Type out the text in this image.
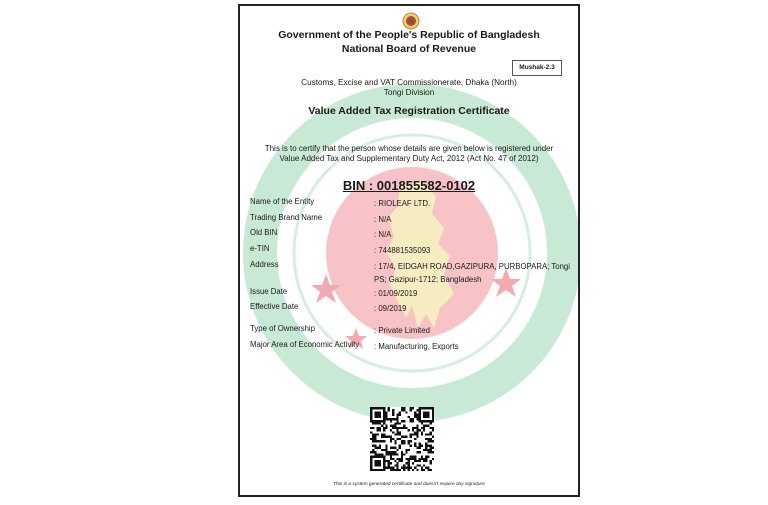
Government of the People's Republic of Bangladesh
National Board of Revenue
Mushak-2.3
Customs, Excise and VAT Commissionerate, Dhaka (North)
Tongi Division
Value Added Tax Registration Certificate
This is to certify that the person whose details are given below is registered under
Value Added Tax and Supplementary Duty Act, 2012 (Act No. 47 of 2012)
BIN : 001855582-0102
Name of the Entity	: RIOLEAF LTD.
Trading Brand Name	: N/A
Old BIN	: N/A
e-TIN	: 744881535093
Address	: 17/4, EIDGAH ROAD,GAZIPURA, PURBOPARA; Tongi PS; Gazipur-1712; Bangladesh
Issue Date	: 01/09/2019
Effective Date	: 09/2019
Type of Ownership	: Private Limited
Major Area of Economic Activity	: Manufacturing, Exports
This is a system generated certificate and doesn't require any signature
